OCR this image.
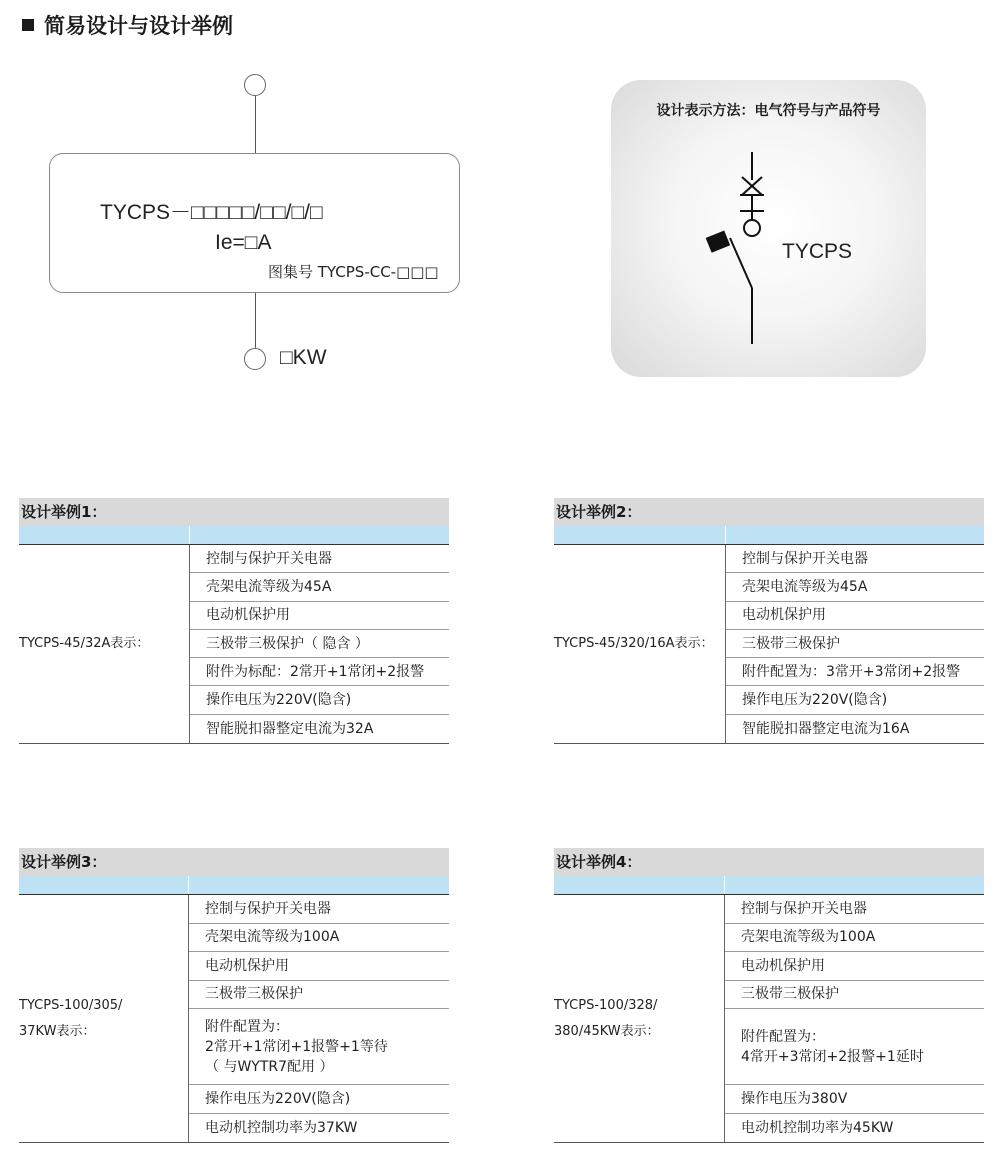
简易设计与设计举例
TYCPS－□□□□□/□□/□/□
Ie=□A
图集号 TYCPS-CC-□□□
□KW
设计表示方法：电气符号与产品符号
TYCPS
设计举例1：
TYCPS-45/32A表示：
控制与保护开关电器
壳架电流等级为45A
电动机保护用
三极带三极保护（ 隐含 ）
附件为标配：2常开+1常闭+2报警
操作电压为220V(隐含)
智能脱扣器整定电流为32A
设计举例2：
TYCPS-45/320/16A表示：
控制与保护开关电器
壳架电流等级为45A
电动机保护用
三极带三极保护
附件配置为：3常开+3常闭+2报警
操作电压为220V(隐含)
智能脱扣器整定电流为16A
设计举例3：
TYCPS-100/305/
37KW表示：
控制与保护开关电器
壳架电流等级为100A
电动机保护用
三极带三极保护
附件配置为：
2常开+1常闭+1报警+1等待
（ 与WYTR7配用 ）
操作电压为220V(隐含)
电动机控制功率为37KW
设计举例4：
TYCPS-100/328/
380/45KW表示：
控制与保护开关电器
壳架电流等级为100A
电动机保护用
三极带三极保护
附件配置为：
4常开+3常闭+2报警+1延时
操作电压为380V
电动机控制功率为45KW
